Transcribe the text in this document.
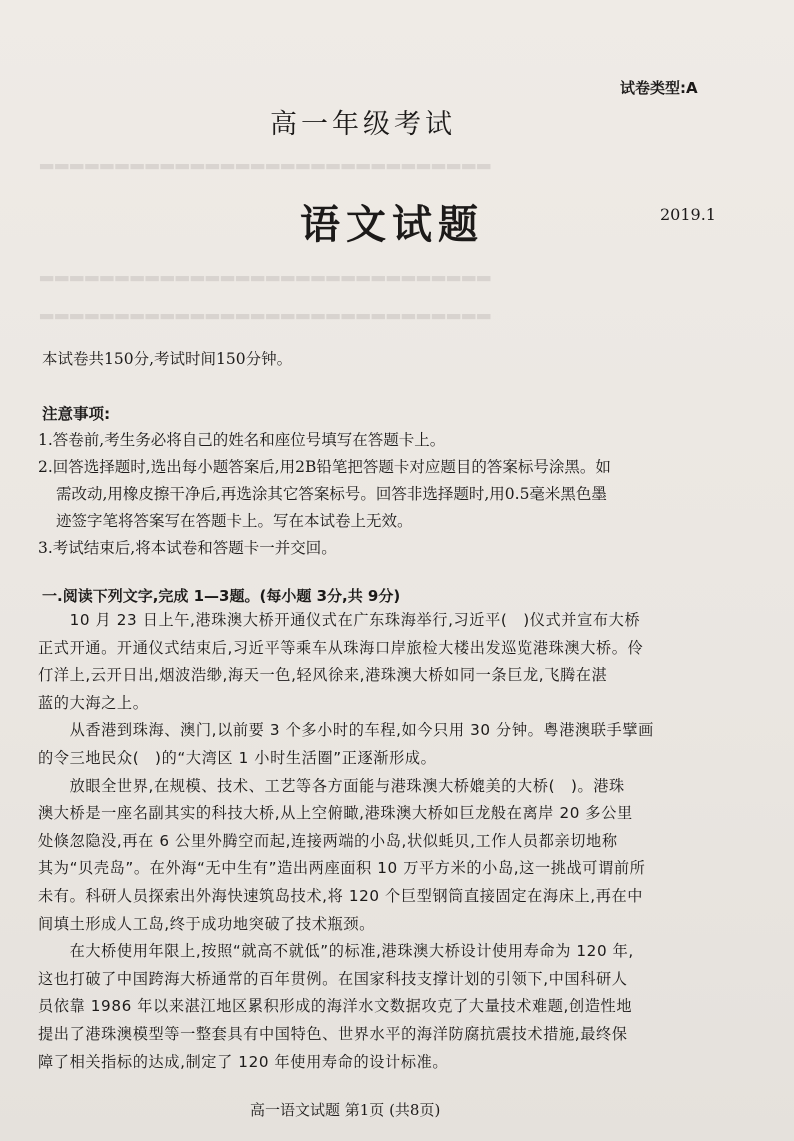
▂▂▂▂▂▂▂▂▂▂▂▂▂▂▂▂▂▂▂▂▂▂▂▂▂▂▂▂▂▂
▂▂▂▂▂▂▂▂▂▂▂▂▂▂▂▂▂▂▂▂▂▂▂▂▂▂▂▂▂▂
▂▂▂▂▂▂▂▂▂▂▂▂▂▂▂▂▂▂▂▂▂▂▂▂▂▂▂▂▂▂
试卷类型:A
高一年级考试
语文试题	2019.1
本试卷共150分,考试时间150分钟。
注意事项:

1.答卷前,考生务必将自己的姓名和座位号填写在答题卡上。

2.回答选择题时,选出每小题答案后,用2B铅笔把答题卡对应题目的答案标号涂黑。如

需改动,用橡皮擦干净后,再选涂其它答案标号。回答非选择题时,用0.5毫米黑色墨

迹签字笔将答案写在答题卡上。写在本试卷上无效。

3.考试结束后,将本试卷和答题卡一并交回。

一.阅读下列文字,完成 1—3题。(每小题 3分,共 9分)

　　10 月 23 日上午,港珠澳大桥开通仪式在广东珠海举行,习近平(　)仪式并宣布大桥

正式开通。开通仪式结束后,习近平等乘车从珠海口岸旅检大楼出发巡览港珠澳大桥。伶

仃洋上,云开日出,烟波浩缈,海天一色,轻风徐来,港珠澳大桥如同一条巨龙,飞腾在湛

蓝的大海之上。

　　从香港到珠海、澳门,以前要 3 个多小时的车程,如今只用 30 分钟。粤港澳联手擘画

的令三地民众(　)的“大湾区 1 小时生活圈”正逐渐形成。

　　放眼全世界,在规模、技术、工艺等各方面能与港珠澳大桥媲美的大桥(　)。港珠

澳大桥是一座名副其实的科技大桥,从上空俯瞰,港珠澳大桥如巨龙般在离岸 20 多公里

处倏忽隐没,再在 6 公里外腾空而起,连接两端的小岛,状似蚝贝,工作人员都亲切地称

其为“贝壳岛”。在外海“无中生有”造出两座面积 10 万平方米的小岛,这一挑战可谓前所

未有。科研人员探索出外海快速筑岛技术,将 120 个巨型钢筒直接固定在海床上,再在中

间填土形成人工岛,终于成功地突破了技术瓶颈。

　　在大桥使用年限上,按照“就高不就低”的标准,港珠澳大桥设计使用寿命为 120 年,

这也打破了中国跨海大桥通常的百年贯例。在国家科技支撑计划的引领下,中国科研人

员依靠 1986 年以来湛江地区累积形成的海洋水文数据攻克了大量技术难题,创造性地

提出了港珠澳模型等一整套具有中国特色、世界水平的海洋防腐抗震技术措施,最终保

障了相关指标的达成,制定了 120 年使用寿命的设计标准。

高一语文试题 第1页 (共8页)
